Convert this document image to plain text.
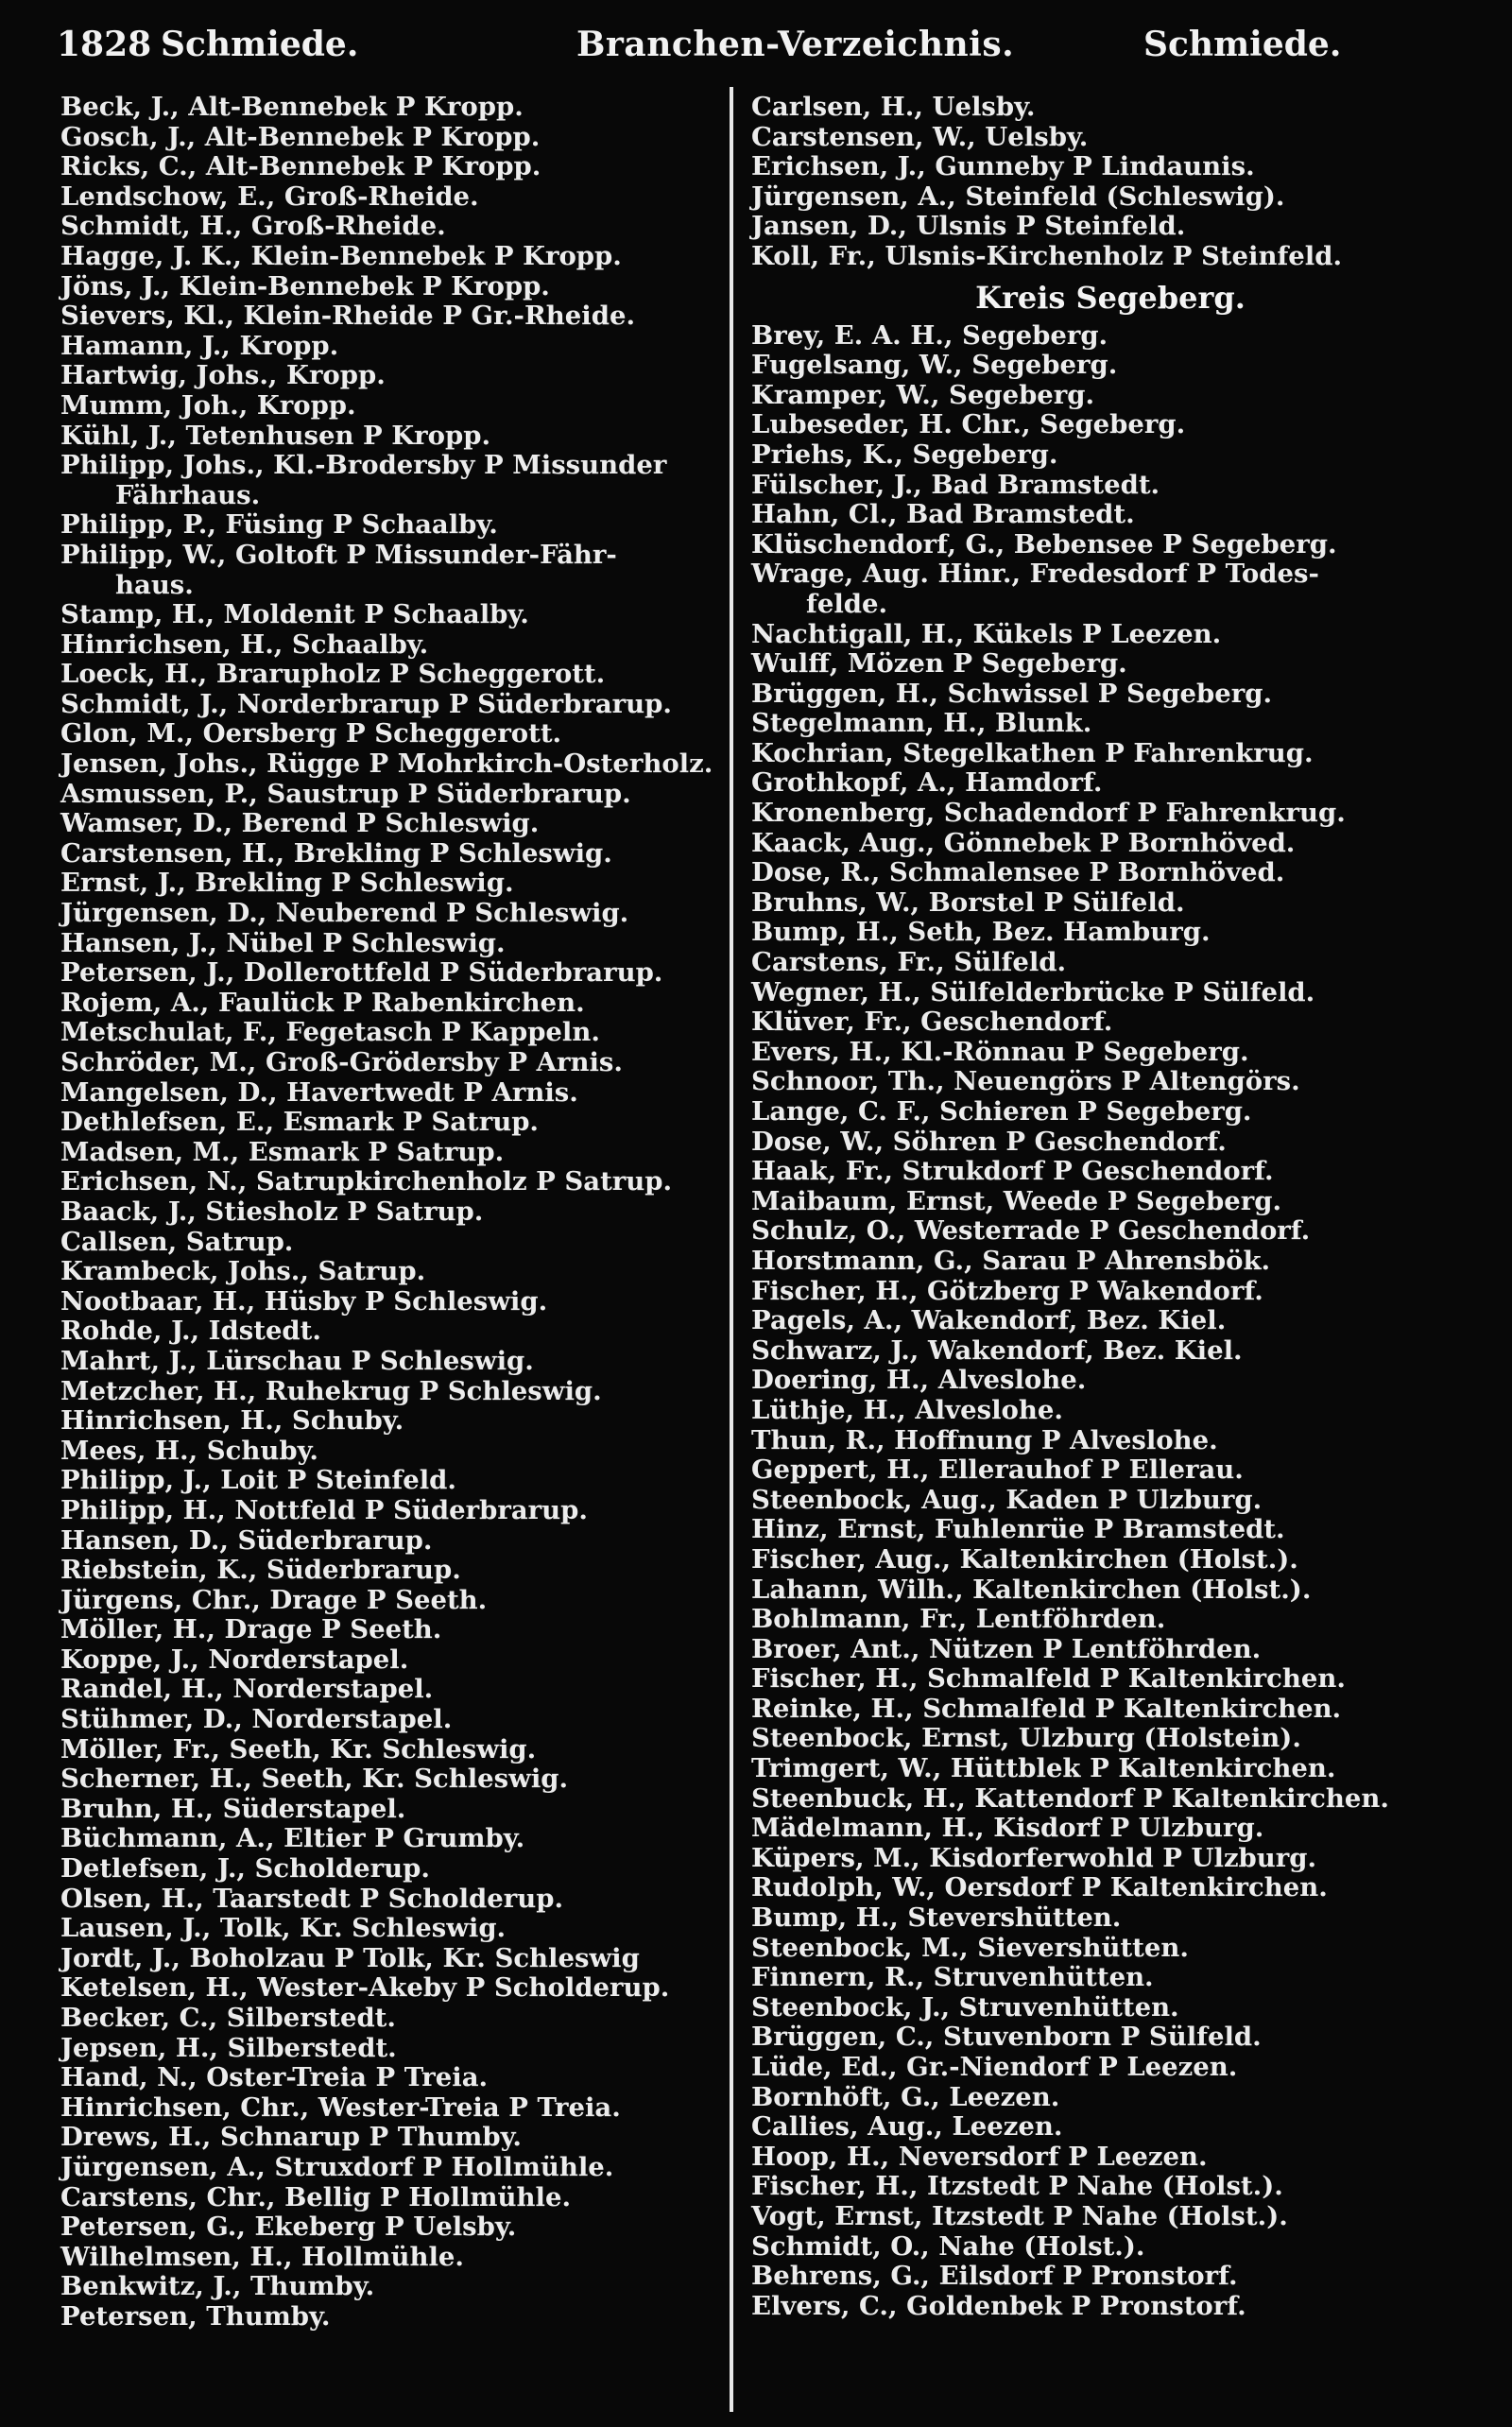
1828 Schmiede.	Branchen-Verzeichnis.	Schmiede.
Beck, J., Alt-Bennebek P Kropp.
Gosch, J., Alt-Bennebek P Kropp.
Ricks, C., Alt-Bennebek P Kropp.
Lendschow, E., Groß-Rheide.
Schmidt, H., Groß-Rheide.
Hagge, J. K., Klein-Bennebek P Kropp.
Jöns, J., Klein-Bennebek P Kropp.
Sievers, Kl., Klein-Rheide P Gr.-Rheide.
Hamann, J., Kropp.
Hartwig, Johs., Kropp.
Mumm, Joh., Kropp.
Kühl, J., Tetenhusen P Kropp.
Philipp, Johs., Kl.-Brodersby P Missunder
Fährhaus.
Philipp, P., Füsing P Schaalby.
Philipp, W., Goltoft P Missunder-Fähr-
haus.
Stamp, H., Moldenit P Schaalby.
Hinrichsen, H., Schaalby.
Loeck, H., Brarupholz P Scheggerott.
Schmidt, J., Norderbrarup P Süderbrarup.
Glon, M., Oersberg P Scheggerott.
Jensen, Johs., Rügge P Mohrkirch-Osterholz.
Asmussen, P., Saustrup P Süderbrarup.
Wamser, D., Berend P Schleswig.
Carstensen, H., Brekling P Schleswig.
Ernst, J., Brekling P Schleswig.
Jürgensen, D., Neuberend P Schleswig.
Hansen, J., Nübel P Schleswig.
Petersen, J., Dollerottfeld P Süderbrarup.
Rojem, A., Faulück P Rabenkirchen.
Metschulat, F., Fegetasch P Kappeln.
Schröder, M., Groß-Grödersby P Arnis.
Mangelsen, D., Havertwedt P Arnis.
Dethlefsen, E., Esmark P Satrup.
Madsen, M., Esmark P Satrup.
Erichsen, N., Satrupkirchenholz P Satrup.
Baack, J., Stiesholz P Satrup.
Callsen, Satrup.
Krambeck, Johs., Satrup.
Nootbaar, H., Hüsby P Schleswig.
Rohde, J., Idstedt.
Mahrt, J., Lürschau P Schleswig.
Metzcher, H., Ruhekrug P Schleswig.
Hinrichsen, H., Schuby.
Mees, H., Schuby.
Philipp, J., Loit P Steinfeld.
Philipp, H., Nottfeld P Süderbrarup.
Hansen, D., Süderbrarup.
Riebstein, K., Süderbrarup.
Jürgens, Chr., Drage P Seeth.
Möller, H., Drage P Seeth.
Koppe, J., Norderstapel.
Randel, H., Norderstapel.
Stühmer, D., Norderstapel.
Möller, Fr., Seeth, Kr. Schleswig.
Scherner, H., Seeth, Kr. Schleswig.
Bruhn, H., Süderstapel.
Büchmann, A., Eltier P Grumby.
Detlefsen, J., Scholderup.
Olsen, H., Taarstedt P Scholderup.
Lausen, J., Tolk, Kr. Schleswig.
Jordt, J., Boholzau P Tolk, Kr. Schleswig
Ketelsen, H., Wester-Akeby P Scholderup.
Becker, C., Silberstedt.
Jepsen, H., Silberstedt.
Hand, N., Oster-Treia P Treia.
Hinrichsen, Chr., Wester-Treia P Treia.
Drews, H., Schnarup P Thumby.
Jürgensen, A., Struxdorf P Hollmühle.
Carstens, Chr., Bellig P Hollmühle.
Petersen, G., Ekeberg P Uelsby.
Wilhelmsen, H., Hollmühle.
Benkwitz, J., Thumby.
Petersen, Thumby.
Carlsen, H., Uelsby.
Carstensen, W., Uelsby.
Erichsen, J., Gunneby P Lindaunis.
Jürgensen, A., Steinfeld (Schleswig).
Jansen, D., Ulsnis P Steinfeld.
Koll, Fr., Ulsnis-Kirchenholz P Steinfeld.
Kreis Segeberg.
Brey, E. A. H., Segeberg.
Fugelsang, W., Segeberg.
Kramper, W., Segeberg.
Lubeseder, H. Chr., Segeberg.
Priehs, K., Segeberg.
Fülscher, J., Bad Bramstedt.
Hahn, Cl., Bad Bramstedt.
Klüschendorf, G., Bebensee P Segeberg.
Wrage, Aug. Hinr., Fredesdorf P Todes-
felde.
Nachtigall, H., Kükels P Leezen.
Wulff, Mözen P Segeberg.
Brüggen, H., Schwissel P Segeberg.
Stegelmann, H., Blunk.
Kochrian, Stegelkathen P Fahrenkrug.
Grothkopf, A., Hamdorf.
Kronenberg, Schadendorf P Fahrenkrug.
Kaack, Aug., Gönnebek P Bornhöved.
Dose, R., Schmalensee P Bornhöved.
Bruhns, W., Borstel P Sülfeld.
Bump, H., Seth, Bez. Hamburg.
Carstens, Fr., Sülfeld.
Wegner, H., Sülfelderbrücke P Sülfeld.
Klüver, Fr., Geschendorf.
Evers, H., Kl.-Rönnau P Segeberg.
Schnoor, Th., Neuengörs P Altengörs.
Lange, C. F., Schieren P Segeberg.
Dose, W., Söhren P Geschendorf.
Haak, Fr., Strukdorf P Geschendorf.
Maibaum, Ernst, Weede P Segeberg.
Schulz, O., Westerrade P Geschendorf.
Horstmann, G., Sarau P Ahrensbök.
Fischer, H., Götzberg P Wakendorf.
Pagels, A., Wakendorf, Bez. Kiel.
Schwarz, J., Wakendorf, Bez. Kiel.
Doering, H., Alveslohe.
Lüthje, H., Alveslohe.
Thun, R., Hoffnung P Alveslohe.
Geppert, H., Ellerauhof P Ellerau.
Steenbock, Aug., Kaden P Ulzburg.
Hinz, Ernst, Fuhlenrüe P Bramstedt.
Fischer, Aug., Kaltenkirchen (Holst.).
Lahann, Wilh., Kaltenkirchen (Holst.).
Bohlmann, Fr., Lentföhrden.
Broer, Ant., Nützen P Lentföhrden.
Fischer, H., Schmalfeld P Kaltenkirchen.
Reinke, H., Schmalfeld P Kaltenkirchen.
Steenbock, Ernst, Ulzburg (Holstein).
Trimgert, W., Hüttblek P Kaltenkirchen.
Steenbuck, H., Kattendorf P Kaltenkirchen.
Mädelmann, H., Kisdorf P Ulzburg.
Küpers, M., Kisdorferwohld P Ulzburg.
Rudolph, W., Oersdorf P Kaltenkirchen.
Bump, H., Stevershütten.
Steenbock, M., Sievershütten.
Finnern, R., Struvenhütten.
Steenbock, J., Struvenhütten.
Brüggen, C., Stuvenborn P Sülfeld.
Lüde, Ed., Gr.-Niendorf P Leezen.
Bornhöft, G., Leezen.
Callies, Aug., Leezen.
Hoop, H., Neversdorf P Leezen.
Fischer, H., Itzstedt P Nahe (Holst.).
Vogt, Ernst, Itzstedt P Nahe (Holst.).
Schmidt, O., Nahe (Holst.).
Behrens, G., Eilsdorf P Pronstorf.
Elvers, C., Goldenbek P Pronstorf.
